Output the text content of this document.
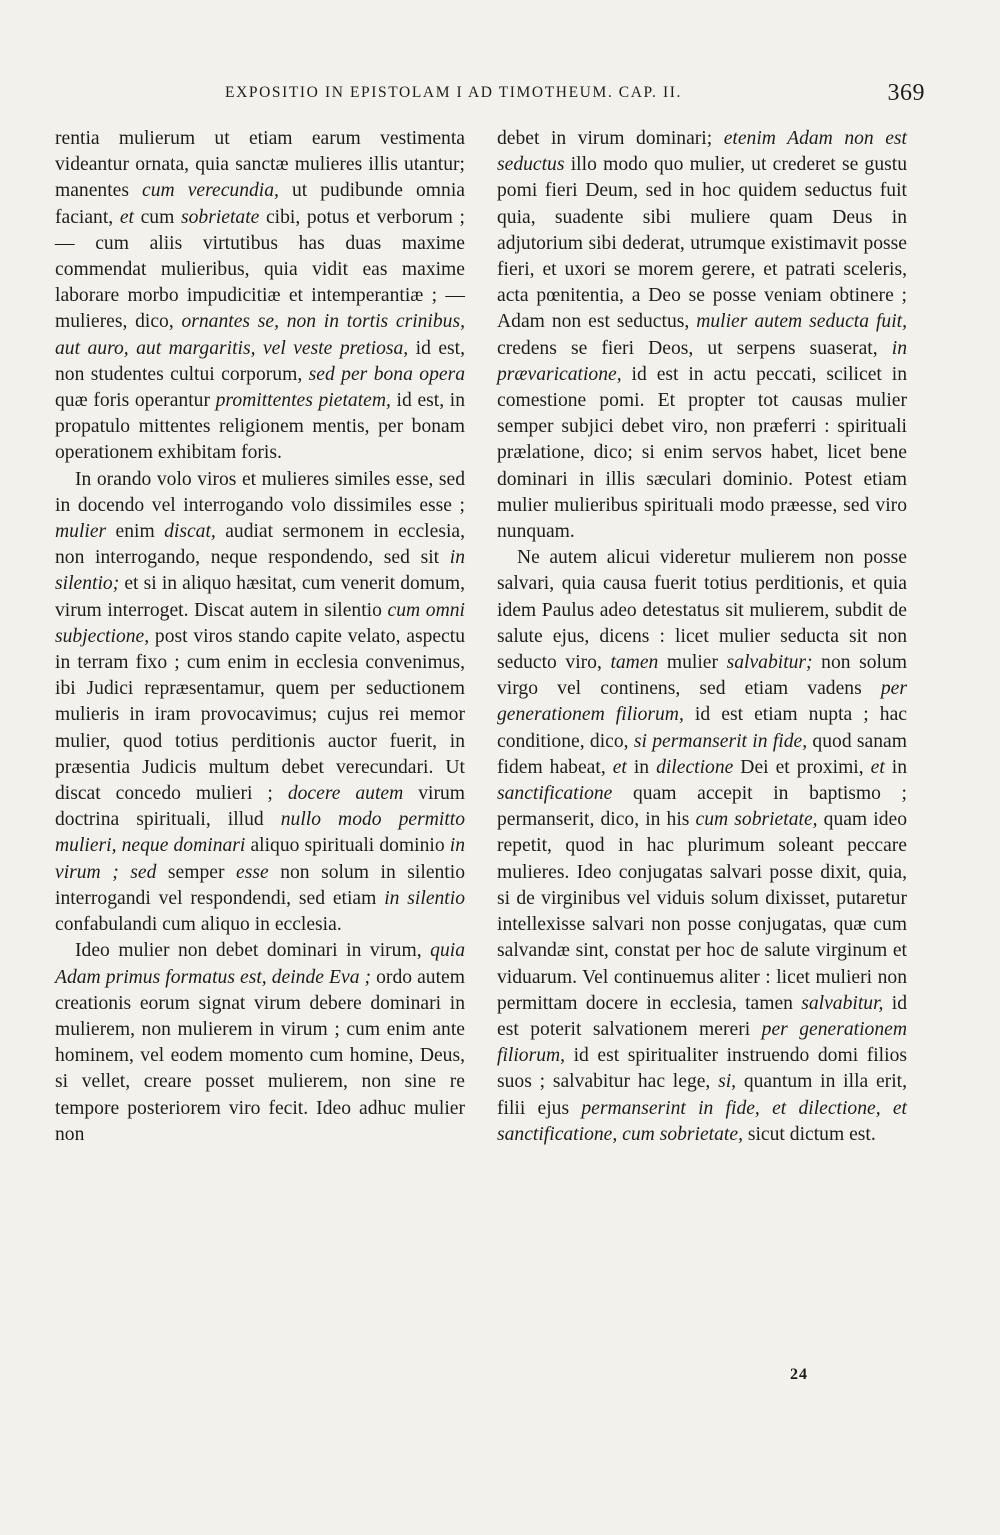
EXPOSITIO IN EPISTOLAM I AD TIMOTHEUM. CAP. II.	369

rentia mulierum ut etiam earum vestimenta videantur ornata, quia sanctæ mulieres illis utantur; manentes cum verecundia, ut pudibunde omnia faciant, et cum sobrietate cibi, potus et verborum ; — cum aliis virtutibus has duas maxime commendat mulieribus, quia vidit eas maxime laborare morbo impudicitiæ et intemperantiæ ; — mulieres, dico, ornantes se, non in tortis crinibus, aut auro, aut margaritis, vel veste pretiosa, id est, non studentes cultui corporum, sed per bona opera quæ foris operantur promittentes pietatem, id est, in propatulo mittentes religionem mentis, per bonam operationem exhibitam foris.

In orando volo viros et mulieres similes esse, sed in docendo vel interrogando volo dissimiles esse ; mulier enim discat, audiat sermonem in ecclesia, non interrogando, neque respondendo, sed sit in silentio; et si in aliquo hæsitat, cum venerit domum, virum interroget. Discat autem in silentio cum omni subjectione, post viros stando capite velato, aspectu in terram fixo ; cum enim in ecclesia convenimus, ibi Judici repræsentamur, quem per seductionem mulieris in iram provocavimus; cujus rei memor mulier, quod totius perditionis auctor fuerit, in præsentia Judicis multum debet verecundari. Ut discat concedo mulieri ; docere autem virum doctrina spirituali, illud nullo modo permitto mulieri, neque dominari aliquo spirituali dominio in virum ; sed semper esse non solum in silentio interrogandi vel respondendi, sed etiam in silentio confabulandi cum aliquo in ecclesia.

Ideo mulier non debet dominari in virum, quia Adam primus formatus est, deinde Eva ; ordo autem creationis eorum signat virum debere dominari in mulierem, non mulierem in virum ; cum enim ante hominem, vel eodem momento cum homine, Deus, si vellet, creare posset mulierem, non sine re tempore posteriorem viro fecit. Ideo adhuc mulier non

debet in virum dominari; etenim Adam non est seductus illo modo quo mulier, ut crederet se gustu pomi fieri Deum, sed in hoc quidem seductus fuit quia, suadente sibi muliere quam Deus in adjutorium sibi dederat, utrumque existimavit posse fieri, et uxori se morem gerere, et patrati sceleris, acta pœnitentia, a Deo se posse veniam obtinere ; Adam non est seductus, mulier autem seducta fuit, credens se fieri Deos, ut serpens suaserat, in prævaricatione, id est in actu peccati, scilicet in comestione pomi. Et propter tot causas mulier semper subjici debet viro, non præferri : spirituali prælatione, dico; si enim servos habet, licet bene dominari in illis sæculari dominio. Potest etiam mulier mulieribus spirituali modo præesse, sed viro nunquam.

Ne autem alicui videretur mulierem non posse salvari, quia causa fuerit totius perditionis, et quia idem Paulus adeo detestatus sit mulierem, subdit de salute ejus, dicens : licet mulier seducta sit non seducto viro, tamen mulier salvabitur; non solum virgo vel continens, sed etiam vadens per generationem filiorum, id est etiam nupta ; hac conditione, dico, si permanserit in fide, quod sanam fidem habeat, et in dilectione Dei et proximi, et in sanctificatione quam accepit in baptismo ; permanserit, dico, in his cum sobrietate, quam ideo repetit, quod in hac plurimum soleant peccare mulieres. Ideo conjugatas salvari posse dixit, quia, si de virginibus vel viduis solum dixisset, putaretur intellexisse salvari non posse conjugatas, quæ cum salvandæ sint, constat per hoc de salute virginum et viduarum. Vel continuemus aliter : licet mulieri non permittam docere in ecclesia, tamen salvabitur, id est poterit salvationem mereri per generationem filiorum, id est spiritualiter instruendo domi filios suos ; salvabitur hac lege, si, quantum in illa erit, filii ejus permanserint in fide, et dilectione, et sanctificatione, cum sobrietate, sicut dictum est.

24
